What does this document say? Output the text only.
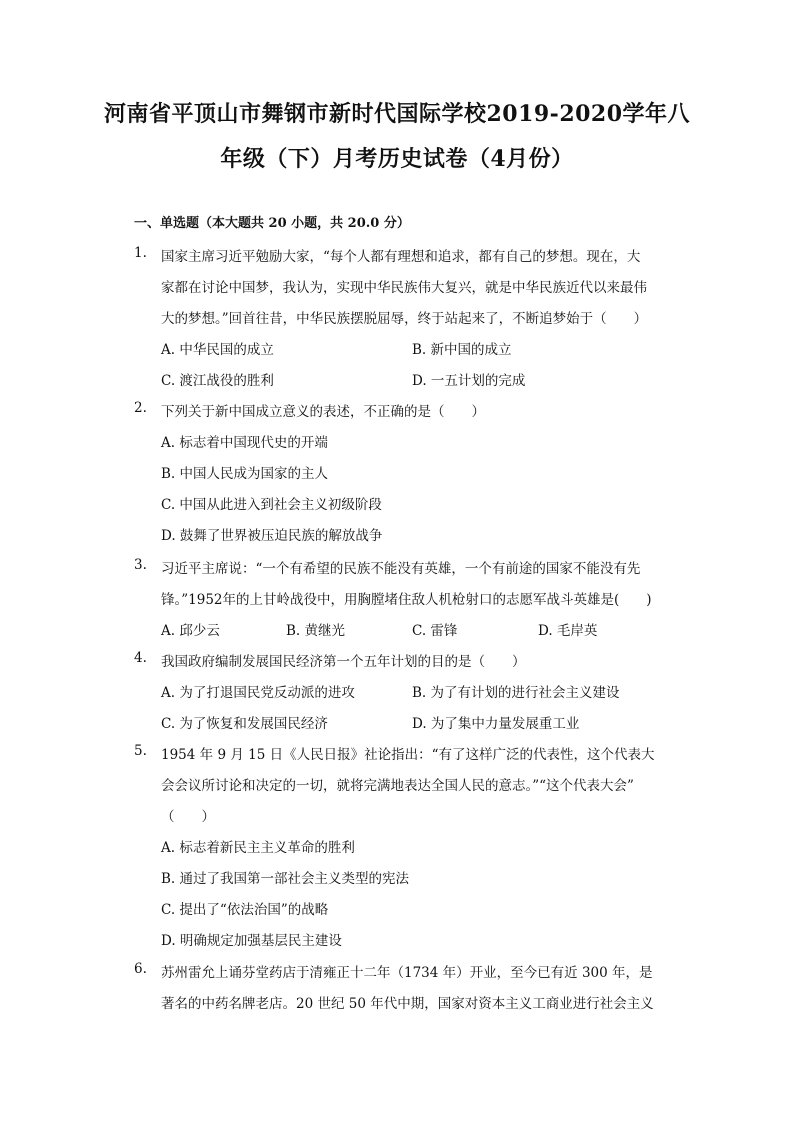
河南省平顶山市舞钢市新时代国际学校2019-2020学年八
年级（下）月考历史试卷（4月份）
一、单选题（本大题共 20 小题，共 20.0 分）
1. 国家主席习近平勉励大家，“每个人都有理想和追求，都有自己的梦想。现在，大
家都在讨论中国梦，我认为，实现中华民族伟大复兴，就是中华民族近代以来最伟
大的梦想。”回首往昔，中华民族摆脱屈辱，终于站起来了，不断追梦始于（　　）
A. 中华民国的成立	B. 新中国的成立
C. 渡江战役的胜利	D. 一五计划的完成
2. 下列关于新中国成立意义的表述，不正确的是（　　）
A. 标志着中国现代史的开端
B. 中国人民成为国家的主人
C. 中国从此进入到社会主义初级阶段
D. 鼓舞了世界被压迫民族的解放战争
3. 习近平主席说：“一个有希望的民族不能没有英雄，一个有前途的国家不能没有先
锋。”1952年的上甘岭战役中，用胸膛堵住敌人机枪射口的志愿军战斗英雄是(　　)
A. 邱少云	B. 黄继光	C. 雷锋	D. 毛岸英
4. 我国政府编制发展国民经济第一个五年计划的目的是（　　）
A. 为了打退国民党反动派的进攻	B. 为了有计划的进行社会主义建设
C. 为了恢复和发展国民经济	D. 为了集中力量发展重工业
5. 1954 年 9 月 15 日《人民日报》社论指出：“有了这样广泛的代表性，这个代表大
会会议所讨论和决定的一切，就将完满地表达全国人民的意志。”“这个代表大会”
（　　）
A. 标志着新民主主义革命的胜利
B. 通过了我国第一部社会主义类型的宪法
C. 提出了“依法治国”的战略
D. 明确规定加强基层民主建设
6. 苏州雷允上诵芬堂药店于清雍正十二年（1734 年）开业，至今已有近 300 年，是
著名的中药名牌老店。20 世纪 50 年代中期，国家对资本主义工商业进行社会主义
